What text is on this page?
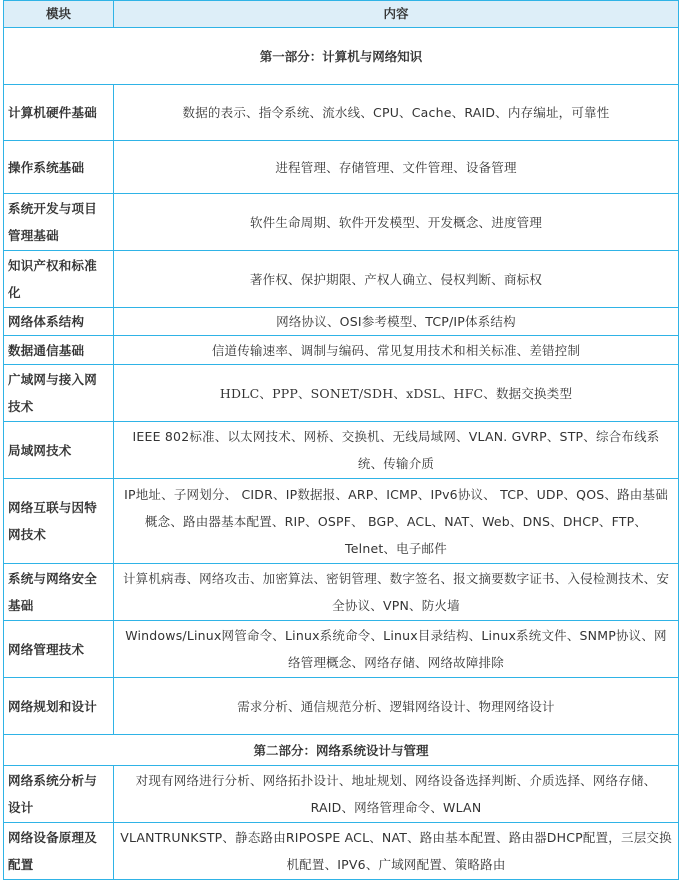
模块	内容
第一部分：计算机与网络知识	
计算机硬件基础	数据的表示、指令系统、流水线、CPU、Cache、RAID、内存编址，可靠性
操作系统基础	进程管理、存储管理、文件管理、设备管理
系统开发与项目管理基础	软件生命周期、软件开发模型、开发概念、进度管理
知识产权和标准化	著作权、保护期限、产权人确立、侵权判断、商标权
网络体系结构	网络协议、OSI参考模型、TCP/IP体系结构
数据通信基础	信道传输速率、调制与编码、常见复用技术和相关标准、差错控制
广域网与接入网技术	HDLC、PPP、SONET/SDH、xDSL、HFC、数据交换类型
局域网技术	IEEE 802标准、以太网技术、网桥、交换机、无线局域网、VLAN. GVRP、STP、综合布线系统、传输介质
网络互联与因特网技术	IP地址、子网划分、 CIDR、IP数据报、ARP、ICMP、IPv6协议、 TCP、UDP、QOS、路由基础概念、路由器基本配置、RIP、OSPF、 BGP、ACL、NAT、Web、DNS、DHCP、FTP、Telnet、电子邮件
系统与网络安全基础	计算机病毒、网络攻击、加密算法、密钥管理、数字签名、报文摘要数字证书、入侵检测技术、安全协议、VPN、防火墙
网络管理技术	Windows/Linux网管命令、Linux系统命令、Linux目录结构、Linux系统文件、SNMP协议、网络管理概念、网络存储、网络故障排除
网络规划和设计	需求分析、通信规范分析、逻辑网络设计、物理网络设计
第二部分：网络系统设计与管理	
网络系统分析与设计	对现有网络进行分析、网络拓扑设计、地址规划、网络设备选择判断、介质选择、网络存储、RAID、网络管理命令、WLAN
网络设备原理及配置	VLANTRUNKSTP、静态路由RIPOSPE ACL、NAT、路由基本配置、路由器DHCP配置，三层交换机配置、IPV6、广域网配置、策略路由
